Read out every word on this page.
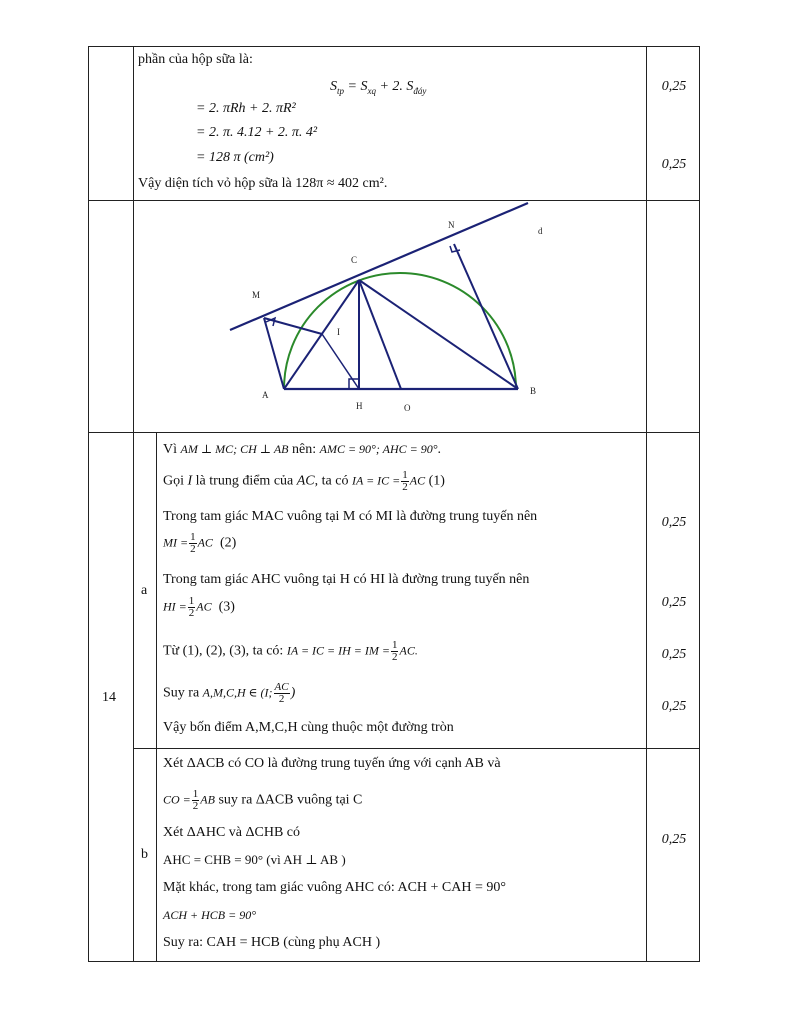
phần của hộp sữa là:
$S_{tp} = S_{xq} + 2$. $S_{đáy}$
= 2. πRh + 2. πR²
= 2. π. 4.12 + 2. π. 4²
= 128 π (cm²)
Vậy diện tích vỏ hộp sữa là 128π ≈ 402 cm².
0,25
0,25
N
d
C
M
I
A
H	O
B
14
a
b
Vì AM ⊥ MC; CH ⊥ AB nên: AMC = 90°; AHC = 90°.
Gọi I là trung điểm của AC, ta có IA = IC = $\frac{1}{2}$ AC (1)
Trong tam giác MAC vuông tại M có MI là đường trung tuyến nên
MI = $\frac{1}{2}$ AC (2)
Trong tam giác AHC vuông tại H có HI là đường trung tuyến nên
HI = $\frac{1}{2}$ AC (3)
Từ (1), (2), (3), ta có: IA = IC = IH = IM = $\frac{1}{2}$ AC.
Suy ra A,M,C,H ∈ (I; $\frac{AC}{2}$ )
Vậy bốn điểm A,M,C,H cùng thuộc một đường tròn
0,25
0,25
0,25
0,25
Xét ΔACB có CO là đường trung tuyến ứng với cạnh AB và
CO = $\frac{1}{2}$ AB suy ra ΔACB vuông tại C
Xét ΔAHC và ΔCHB có
AHC = CHB = 90° (vì AH ⊥ AB )
Mặt khác, trong tam giác vuông AHC có: ACH + CAH = 90°
ACH + HCB = 90°
Suy ra: CAH = HCB (cùng phụ ACH )
0,25
